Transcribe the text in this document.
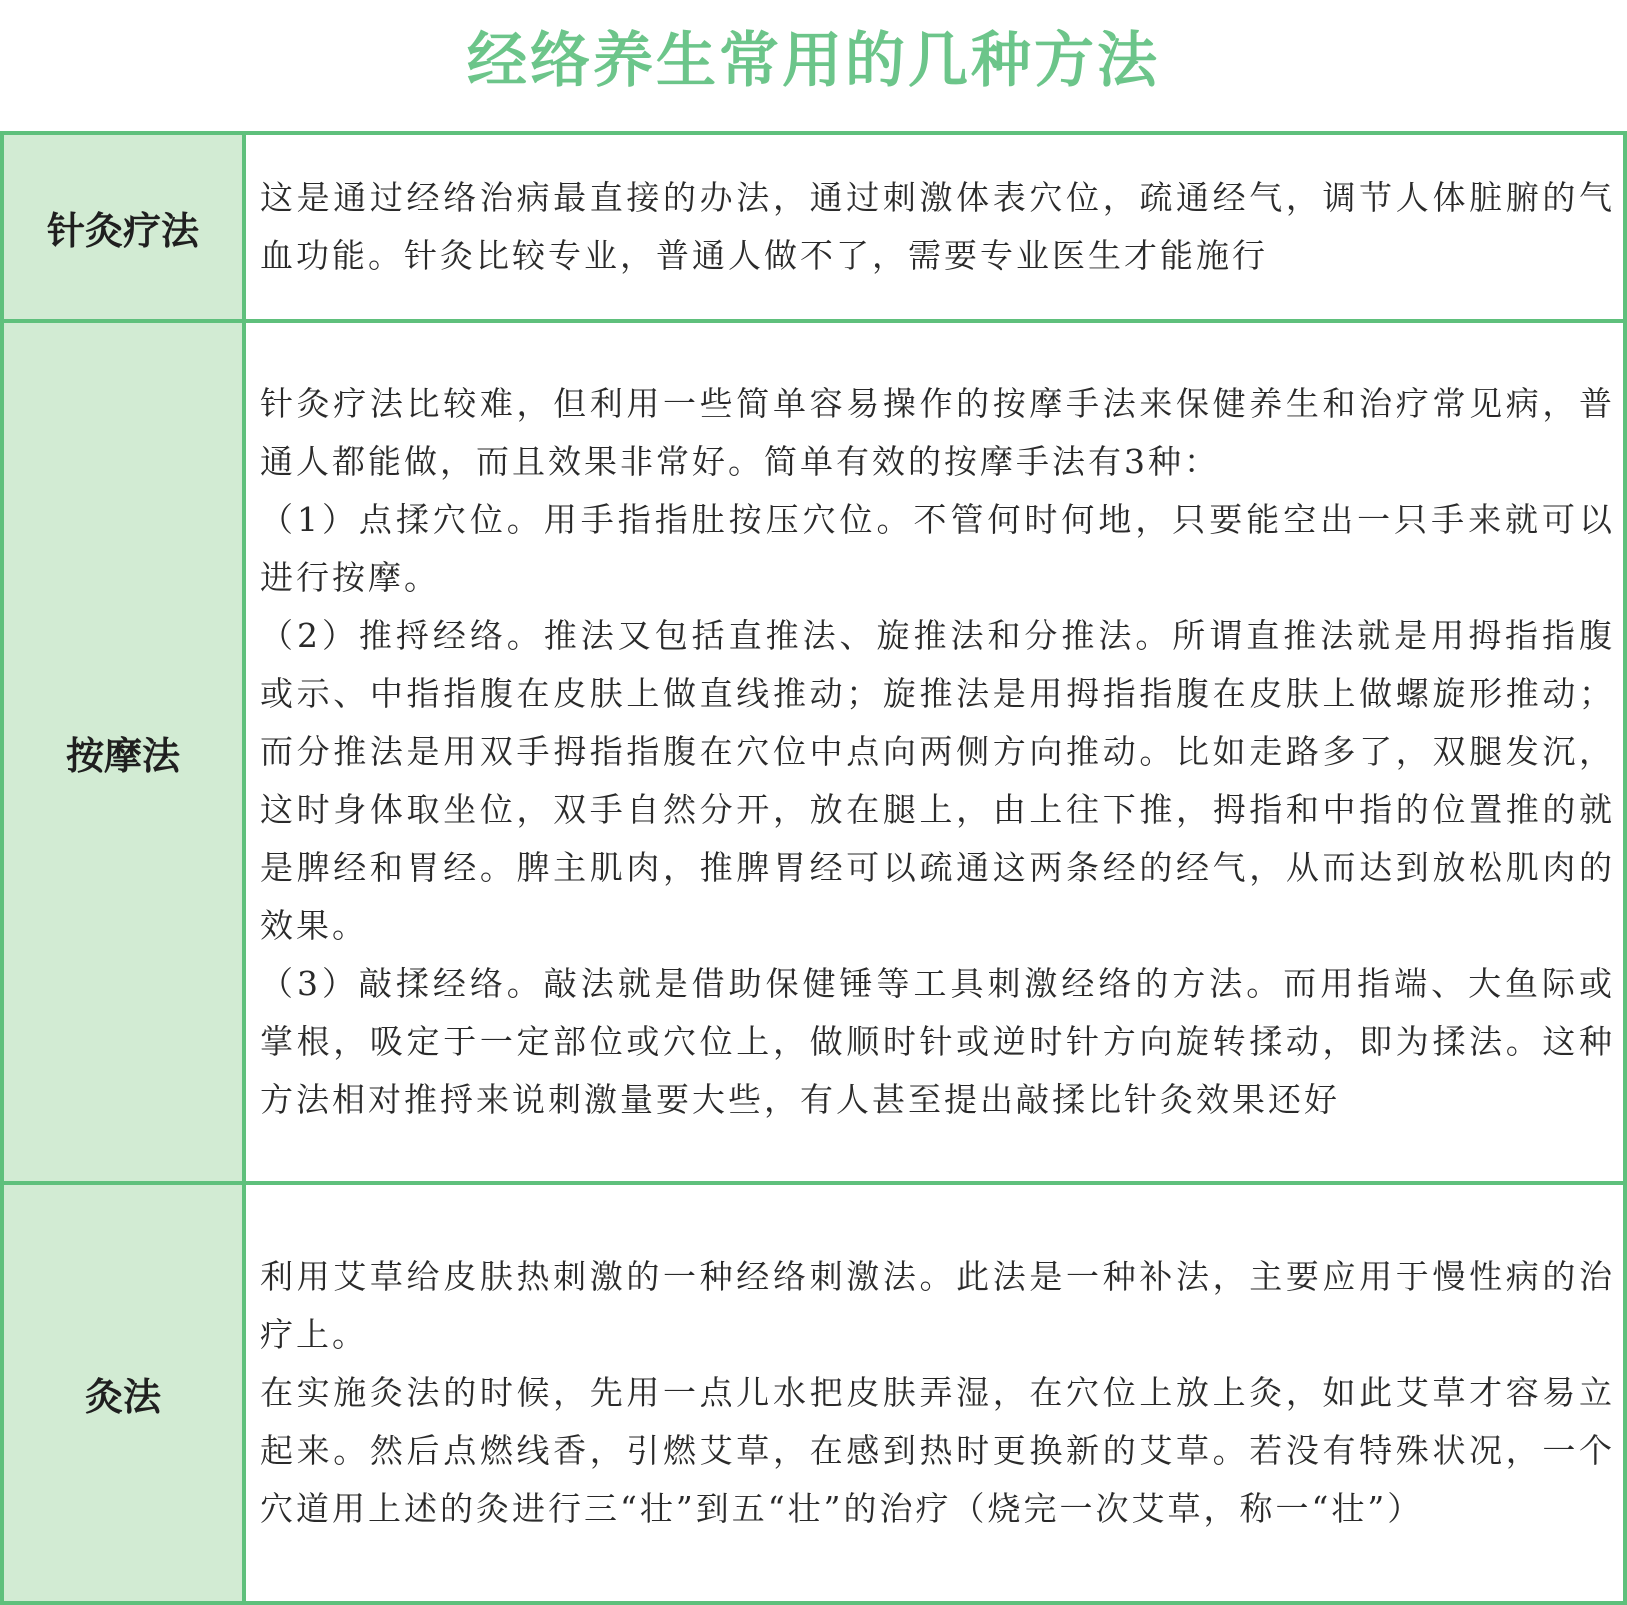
经络养生常用的几种方法
针灸疗法	这是通过经络治病最直接的办法，通过刺激体表穴位，疏通经气，调节人体脏腑的气血功能。针灸比较专业，普通人做不了，需要专业医生才能施行

按摩法	针灸疗法比较难，但利用一些简单容易操作的按摩手法来保健养生和治疗常见病，普通人都能做，而且效果非常好。简单有效的按摩手法有3种：

（1）点揉穴位。用手指指肚按压穴位。不管何时何地，只要能空出一只手来就可以进行按摩。

（2）推捋经络。推法又包括直推法、旋推法和分推法。所谓直推法就是用拇指指腹或示、中指指腹在皮肤上做直线推动；旋推法是用拇指指腹在皮肤上做螺旋形推动；而分推法是用双手拇指指腹在穴位中点向两侧方向推动。比如走路多了，双腿发沉，这时身体取坐位，双手自然分开，放在腿上，由上往下推，拇指和中指的位置推的就是脾经和胃经。脾主肌肉，推脾胃经可以疏通这两条经的经气，从而达到放松肌肉的效果。

（3）敲揉经络。敲法就是借助保健锤等工具刺激经络的方法。而用指端、大鱼际或掌根，吸定于一定部位或穴位上，做顺时针或逆时针方向旋转揉动，即为揉法。这种方法相对推捋来说刺激量要大些，有人甚至提出敲揉比针灸效果还好

灸法	利用艾草给皮肤热刺激的一种经络刺激法。此法是一种补法，主要应用于慢性病的治疗上。

在实施灸法的时候，先用一点儿水把皮肤弄湿，在穴位上放上灸，如此艾草才容易立起来。然后点燃线香，引燃艾草，在感到热时更换新的艾草。若没有特殊状况，一个穴道用上述的灸进行三“壮”到五“壮”的治疗（烧完一次艾草，称一“壮”）
